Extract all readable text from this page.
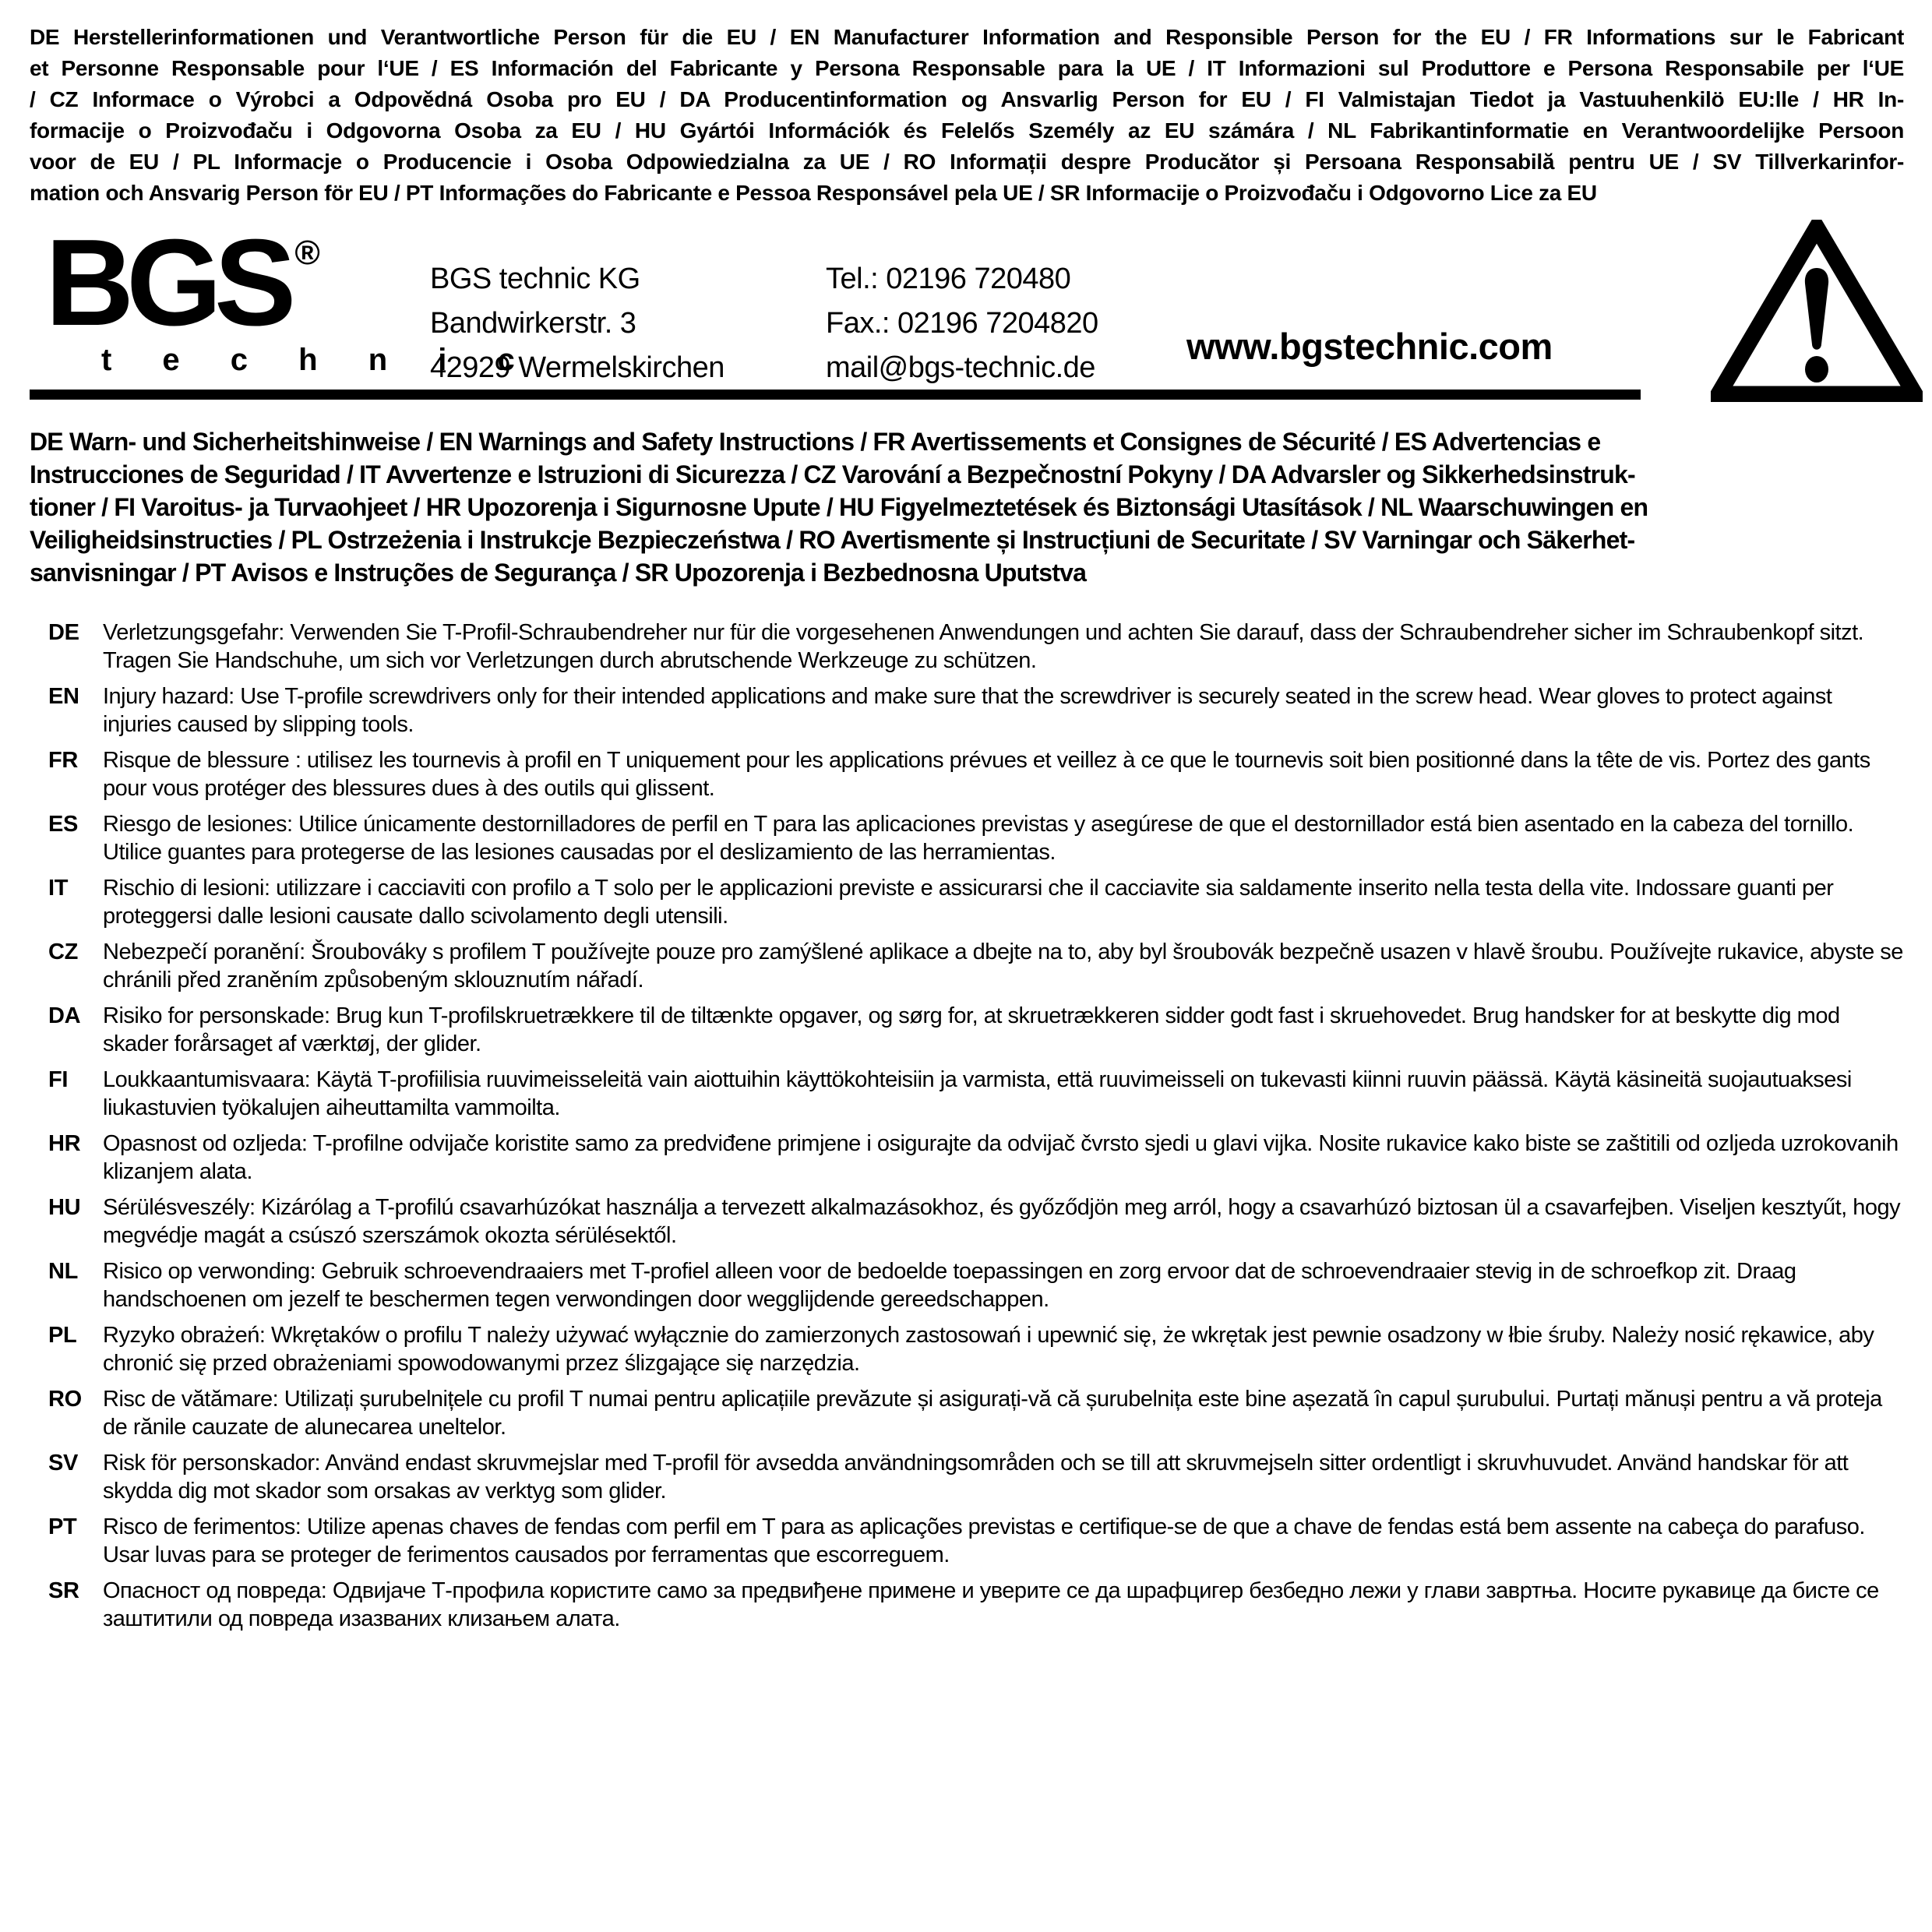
DE Herstellerinformationen und Verantwortliche Person für die EU / EN Manufacturer Information and Responsible Person for the EU / FR Informations sur le Fabricant
et Personne Responsable pour l‘UE / ES Información del Fabricante y Persona Responsable para la UE / IT Informazioni sul Produttore e Persona Responsabile per l‘UE
/ CZ Informace o Výrobci a Odpovědná Osoba pro EU / DA Producentinformation og Ansvarlig Person for EU / FI Valmistajan Tiedot ja Vastuuhenkilö EU:lle / HR In-
formacije o Proizvođaču i Odgovorna Osoba za EU / HU Gyártói Információk és Felelős Személy az EU számára / NL Fabrikantinformatie en Verantwoordelijke Persoon
voor de EU / PL Informacje o Producencie i Osoba Odpowiedzialna za UE / RO Informații despre Producător și Persoana Responsabilă pentru UE / SV Tillverkarinfor-
mation och Ansvarig Person för EU / PT Informações do Fabricante e Pessoa Responsável pela UE / SR Informacije o Proizvođaču i Odgovorno Lice za EU
BGS ®
t e c h n i c
BGS technic KG
Bandwirkerstr. 3
42929 Wermelskirchen
Tel.: 02196 720480
Fax.: 02196 7204820
mail@bgs-technic.de
www.bgstechnic.com
DE Warn- und Sicherheitshinweise / EN Warnings and Safety Instructions / FR Avertissements et Consignes de Sécurité / ES Advertencias e
Instrucciones de Seguridad / IT Avvertenze e Istruzioni di Sicurezza / CZ Varování a Bezpečnostní Pokyny / DA Advarsler og Sikkerhedsinstruk-
tioner / FI Varoitus- ja Turvaohjeet / HR Upozorenja i Sigurnosne Upute / HU Figyelmeztetések és Biztonsági Utasítások / NL Waarschuwingen en
Veiligheidsinstructies / PL Ostrzeżenia i Instrukcje Bezpieczeństwa / RO Avertismente și Instrucțiuni de Securitate / SV Varningar och Säkerhet-
sanvisningar / PT Avisos e Instruções de Segurança / SR Upozorenja i Bezbednosna Uputstva
DE	Verletzungsgefahr: Verwenden Sie T-Profil-Schraubendreher nur für die vorgesehenen Anwendungen und achten Sie darauf, dass der Schraubendreher sicher im Schraubenkopf sitzt. Tragen Sie Handschuhe, um sich vor Verletzungen durch abrutschende Werkzeuge zu schützen.
EN	Injury hazard: Use T-profile screwdrivers only for their intended applications and make sure that the screwdriver is securely seated in the screw head. Wear gloves to protect against injuries caused by slipping tools.
FR	Risque de blessure : utilisez les tournevis à profil en T uniquement pour les applications prévues et veillez à ce que le tournevis soit bien positionné dans la tête de vis. Portez des gants pour vous protéger des blessures dues à des outils qui glissent.
ES	Riesgo de lesiones: Utilice únicamente destornilladores de perfil en T para las aplicaciones previstas y asegúrese de que el destornillador está bien asentado en la cabeza del tornillo. Utilice guantes para protegerse de las lesiones causadas por el deslizamiento de las herramientas.
IT	Rischio di lesioni: utilizzare i cacciaviti con profilo a T solo per le applicazioni previste e assicurarsi che il cacciavite sia saldamente inserito nella testa della vite. Indossare guanti per proteggersi dalle lesioni causate dallo scivolamento degli utensili.
CZ	Nebezpečí poranění: Šroubováky s profilem T používejte pouze pro zamýšlené aplikace a dbejte na to, aby byl šroubovák bezpečně usazen v hlavě šroubu. Používejte rukavice, abyste se chránili před zraněním způsobeným sklouznutím nářadí.
DA Risiko for personskade: Brug kun T-profilskruetrækkere til de tiltænkte opgaver, og sørg for, at skruetrækkeren sidder godt fast i skruehovedet. Brug handsker for at beskytte dig mod skader forårsaget af værktøj, der glider.
FI	Loukkaantumisvaara: Käytä T-profiilisia ruuvimeisseleitä vain aiottuihin käyttökohteisiin ja varmista, että ruuvimeisseli on tukevasti kiinni ruuvin päässä. Käytä käsineitä suojautuaksesi liukastuvien työkalujen aiheuttamilta vammoilta.
HR Opasnost od ozljeda: T-profilne odvijače koristite samo za predviđene primjene i osigurajte da odvijač čvrsto sjedi u glavi vijka. Nosite rukavice kako biste se zaštitili od ozljeda uzrokovanih klizanjem alata.
HU Sérülésveszély: Kizárólag a T-profilú csavarhúzókat használja a tervezett alkalmazásokhoz, és győződjön meg arról, hogy a csavarhúzó biztosan ül a csavarfejben. Viseljen kesztyűt, hogy megvédje magát a csúszó szerszámok okozta sérülésektől.
NL	Risico op verwonding: Gebruik schroevendraaiers met T-profiel alleen voor de bedoelde toepassingen en zorg ervoor dat de schroevendraaier stevig in de schroefkop zit. Draag handschoenen om jezelf te beschermen tegen verwondingen door wegglijdende gereedschappen.
PL	Ryzyko obrażeń: Wkrętaków o profilu T należy używać wyłącznie do zamierzonych zastosowań i upewnić się, że wkrętak jest pewnie osadzony w łbie śruby. Należy nosić rękawice, aby chronić się przed obrażeniami spowodowanymi przez ślizgające się narzędzia.
RO Risc de vătămare: Utilizați șurubelnițele cu profil T numai pentru aplicațiile prevăzute și asigurați-vă că șurubelnița este bine așezată în capul șurubului. Purtați mănuși pentru a vă proteja de rănile cauzate de alunecarea uneltelor.
SV	Risk för personskador: Använd endast skruvmejslar med T-profil för avsedda användningsområden och se till att skruvmejseln sitter ordentligt i skruvhuvudet. Använd handskar för att skydda dig mot skador som orsakas av verktyg som glider.
PT	Risco de ferimentos: Utilize apenas chaves de fendas com perfil em T para as aplicações previstas e certifique-se de que a chave de fendas está bem assente na cabeça do parafuso. Usar luvas para se proteger de ferimentos causados por ferramentas que escorreguem.
SR	Опасност од повреда: Одвијаче Т-профила користите само за предвиђене примене и уверите се да шрафцигер безбедно лежи у глави завртња. Носите рукавице да бисте се заштитили од повреда изазваних клизањем алата.
